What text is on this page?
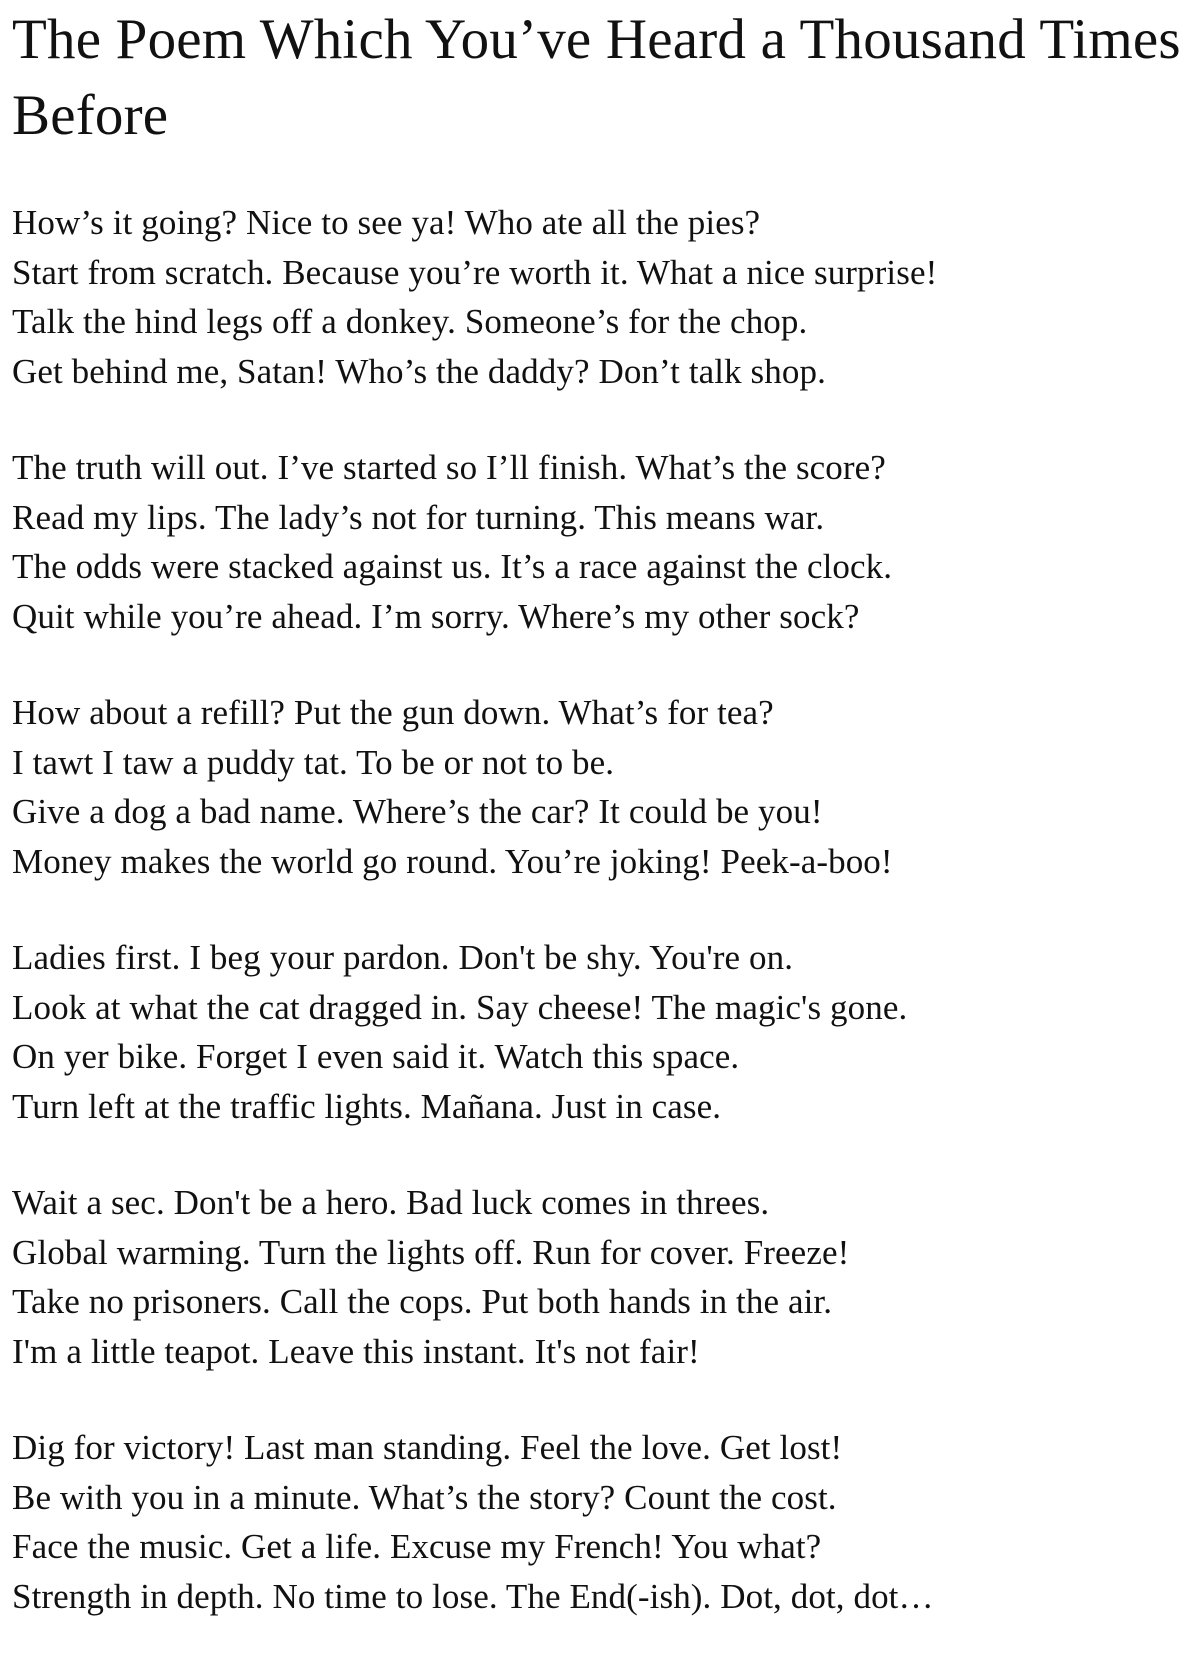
The Poem Which You’ve Heard a Thousand Times Before
How’s it going? Nice to see ya! Who ate all the pies?
Start from scratch. Because you’re worth it. What a nice surprise!
Talk the hind legs off a donkey. Someone’s for the chop.
Get behind me, Satan! Who’s the daddy? Don’t talk shop.
The truth will out. I’ve started so I’ll finish. What’s the score?
Read my lips. The lady’s not for turning. This means war.
The odds were stacked against us. It’s a race against the clock.
Quit while you’re ahead. I’m sorry. Where’s my other sock?
How about a refill? Put the gun down. What’s for tea?
I tawt I taw a puddy tat. To be or not to be.
Give a dog a bad name. Where’s the car? It could be you!
Money makes the world go round. You’re joking! Peek-a-boo!
Ladies first. I beg your pardon. Don't be shy. You're on.
Look at what the cat dragged in. Say cheese! The magic's gone.
On yer bike. Forget I even said it. Watch this space.
Turn left at the traffic lights. Mañana. Just in case.
Wait a sec. Don't be a hero. Bad luck comes in threes.
Global warming. Turn the lights off. Run for cover. Freeze!
Take no prisoners. Call the cops. Put both hands in the air.
I'm a little teapot. Leave this instant. It's not fair!
Dig for victory! Last man standing. Feel the love. Get lost!
Be with you in a minute. What’s the story? Count the cost.
Face the music. Get a life. Excuse my French! You what?
Strength in depth. No time to lose. The End(-ish). Dot, dot, dot…
